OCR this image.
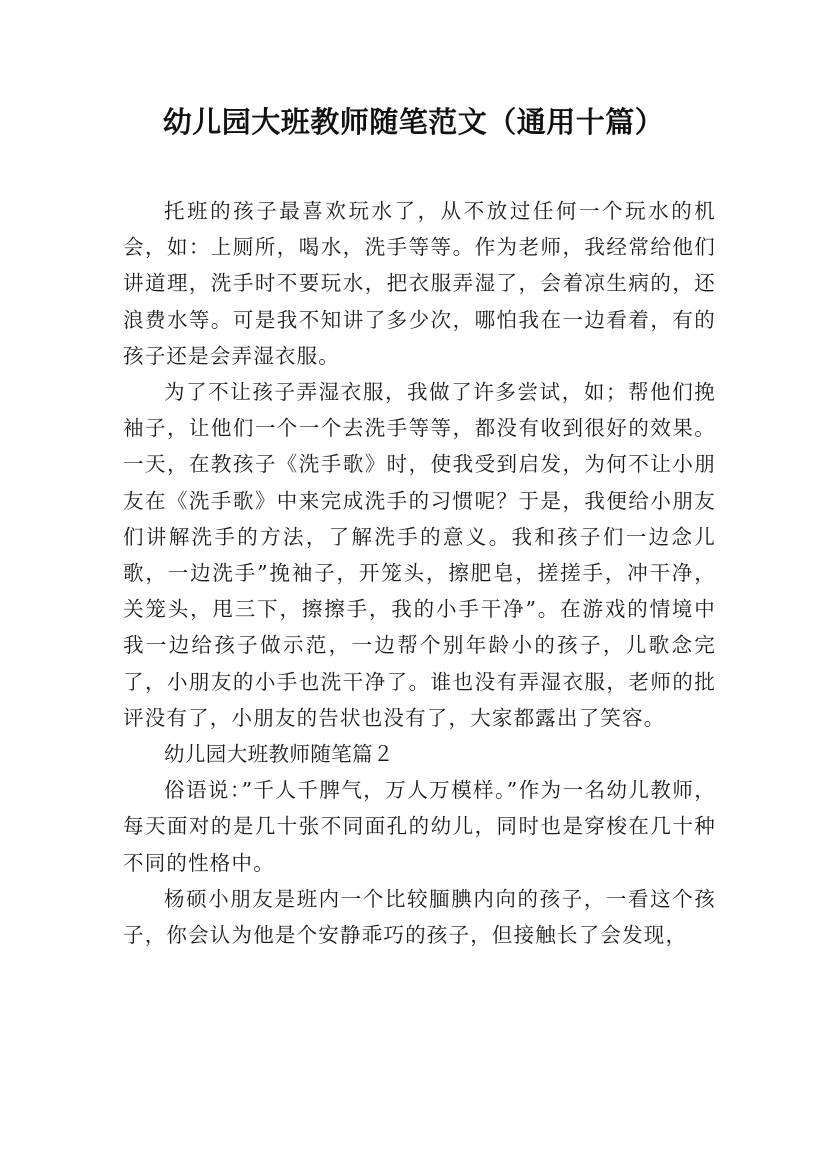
幼儿园大班教师随笔范文（通用十篇）

托班的孩子最喜欢玩水了，从不放过任何一个玩水的机会，如：上厕所，喝水，洗手等等。作为老师，我经常给他们讲道理，洗手时不要玩水，把衣服弄湿了，会着凉生病的，还浪费水等。可是我不知讲了多少次，哪怕我在一边看着，有的孩子还是会弄湿衣服。

为了不让孩子弄湿衣服，我做了许多尝试，如；帮他们挽袖子，让他们一个一个去洗手等等，都没有收到很好的效果。一天，在教孩子《洗手歌》时，使我受到启发，为何不让小朋友在《洗手歌》中来完成洗手的习惯呢？于是，我便给小朋友们讲解洗手的方法，了解洗手的意义。我和孩子们一边念儿歌，一边洗手”挽袖子，开笼头，擦肥皂，搓搓手，冲干净，关笼头，甩三下，擦擦手，我的小手干净”。在游戏的情境中我一边给孩子做示范，一边帮个别年龄小的孩子，儿歌念完了，小朋友的小手也洗干净了。谁也没有弄湿衣服，老师的批评没有了，小朋友的告状也没有了，大家都露出了笑容。

幼儿园大班教师随笔篇２

俗语说：”千人千脾气，万人万模样。”作为一名幼儿教师，每天面对的是几十张不同面孔的幼儿，同时也是穿梭在几十种不同的性格中。

杨硕小朋友是班内一个比较腼腆内向的孩子，一看这个孩子，你会认为他是个安静乖巧的孩子，但接触长了会发现，
